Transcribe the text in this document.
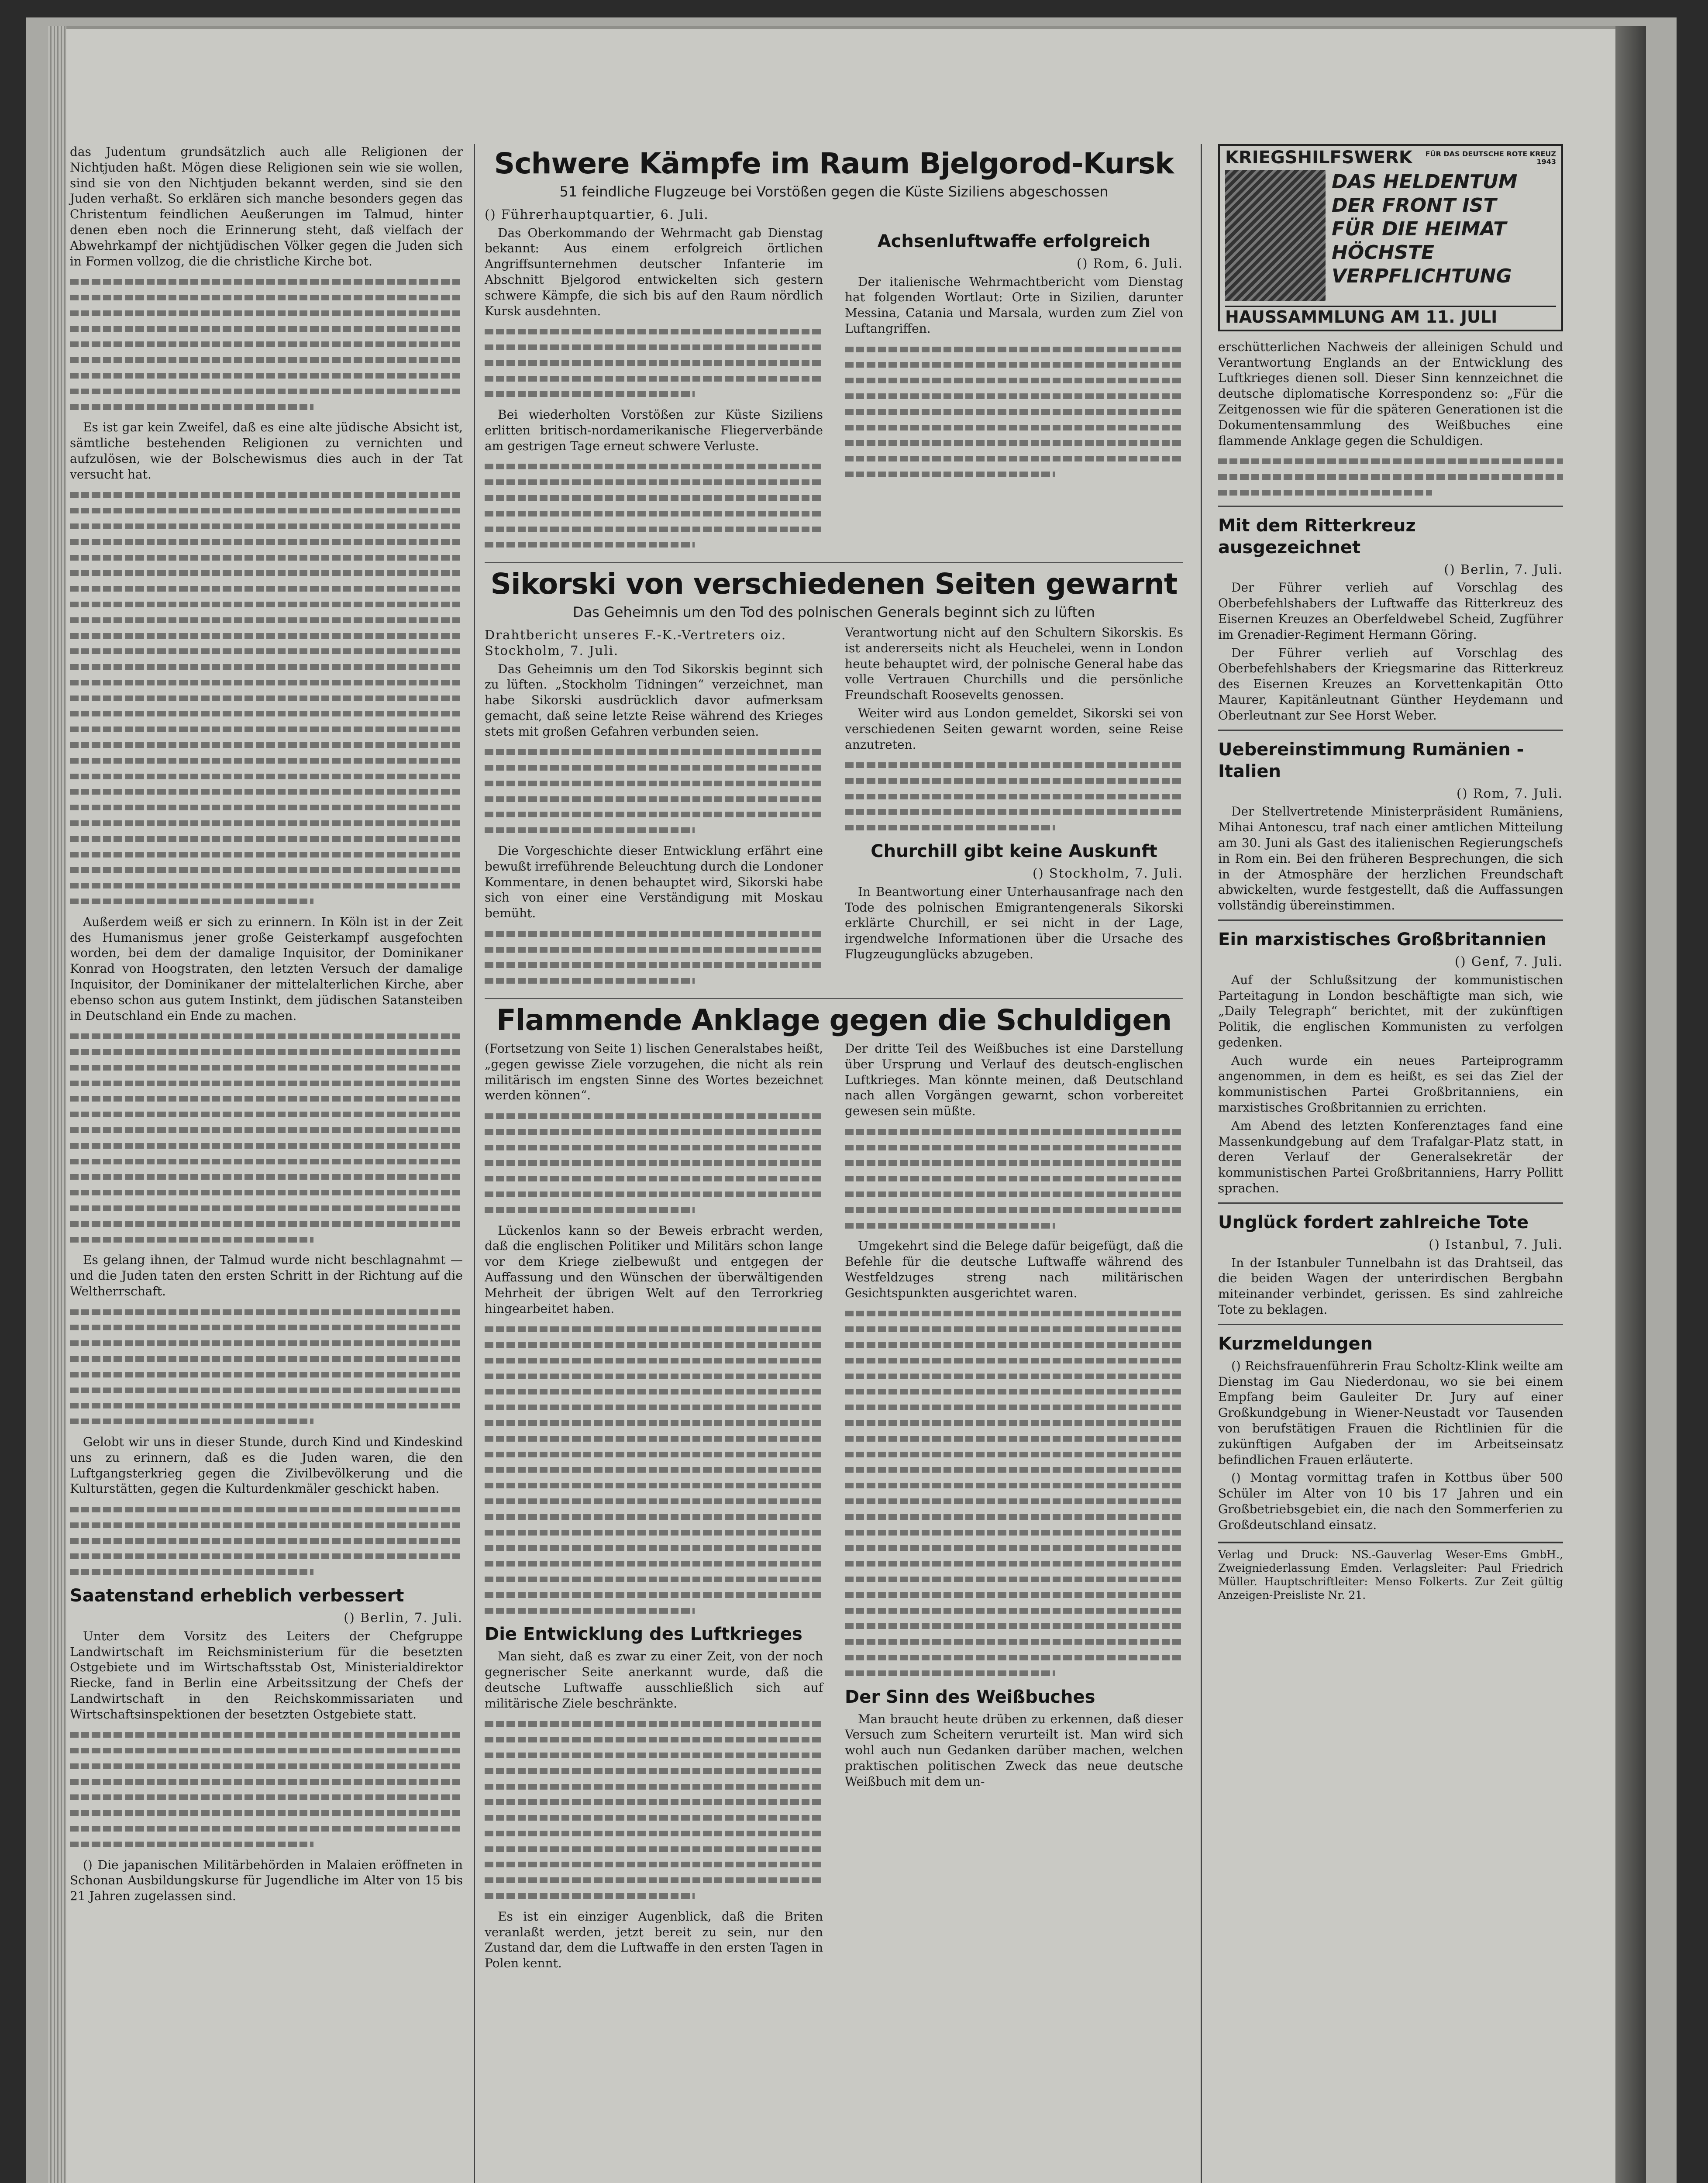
das Judentum grundsätzlich auch alle Religionen der Nichtjuden haßt. Mögen diese Religionen sein wie sie wollen, sind sie von den Nichtjuden bekannt werden, sind sie den Juden verhaßt. So erklären sich manche besonders gegen das Christentum feindlichen Aeußerungen im Talmud, hinter denen eben noch die Erinnerung steht, daß vielfach der Abwehrkampf der nichtjüdischen Völker gegen die Juden sich in Formen vollzog, die die christliche Kirche bot.

Es ist gar kein Zweifel, daß es eine alte jüdische Absicht ist, sämtliche bestehenden Religionen zu vernichten und aufzulösen, wie der Bolschewismus dies auch in der Tat versucht hat.

Außerdem weiß er sich zu erinnern. In Köln ist in der Zeit des Humanismus jener große Geisterkampf ausgefochten worden, bei dem der damalige Inquisitor, der Dominikaner Konrad von Hoogstraten, den letzten Versuch der damalige Inquisitor, der Dominikaner der mittelalterlichen Kirche, aber ebenso schon aus gutem Instinkt, dem jüdischen Satansteiben in Deutschland ein Ende zu machen.

Es gelang ihnen, der Talmud wurde nicht beschlagnahmt — und die Juden taten den ersten Schritt in der Richtung auf die Weltherrschaft.

Gelobt wir uns in dieser Stunde, durch Kind und Kindeskind uns zu erinnern, daß es die Juden waren, die den Luftgangsterkrieg gegen die Zivilbevölkerung und die Kulturstätten, gegen die Kulturdenkmäler geschickt haben.

Saatenstand erheblich verbessert
() Berlin, 7. Juli.

Unter dem Vorsitz des Leiters der Chefgruppe Landwirtschaft im Reichsministerium für die besetzten Ostgebiete und im Wirtschaftsstab Ost, Ministerialdirektor Riecke, fand in Berlin eine Arbeitssitzung der Chefs der Landwirtschaft in den Reichskommissariaten und Wirtschaftsinspektionen der besetzten Ostgebiete statt.

() Die japanischen Militärbehörden in Malaien eröffneten in Schonan Ausbildungskurse für Jugendliche im Alter von 15 bis 21 Jahren zugelassen sind.

Schwere Kämpfe im Raum Bjelgorod-Kursk
51 feindliche Flugzeuge bei Vorstößen gegen die Küste Siziliens abgeschossen
() Führerhauptquartier, 6. Juli.

Das Oberkommando der Wehrmacht gab Dienstag bekannt: Aus einem erfolgreich örtlichen Angriffsunternehmen deutscher Infanterie im Abschnitt Bjelgorod entwickelten sich gestern schwere Kämpfe, die sich bis auf den Raum nördlich Kursk ausdehnten.

Bei wiederholten Vorstößen zur Küste Siziliens erlitten britisch-nordamerikanische Fliegerverbände am gestrigen Tage erneut schwere Verluste.

Achsenluftwaffe erfolgreich
() Rom, 6. Juli.

Der italienische Wehrmachtbericht vom Dienstag hat folgenden Wortlaut: Orte in Sizilien, darunter Messina, Catania und Marsala, wurden zum Ziel von Luftangriffen.

Sikorski von verschiedenen Seiten gewarnt
Das Geheimnis um den Tod des polnischen Generals beginnt sich zu lüften
Drahtbericht unseres F.-K.-Vertreters oiz. Stockholm, 7. Juli.

Das Geheimnis um den Tod Sikorskis beginnt sich zu lüften. „Stockholm Tidningen“ verzeichnet, man habe Sikorski ausdrücklich davor aufmerksam gemacht, daß seine letzte Reise während des Krieges stets mit großen Gefahren verbunden seien.

Die Vorgeschichte dieser Entwicklung erfährt eine bewußt irreführende Beleuchtung durch die Londoner Kommentare, in denen behauptet wird, Sikorski habe sich von einer eine Verständigung mit Moskau bemüht.

Verantwortung nicht auf den Schultern Sikorskis. Es ist andererseits nicht als Heuchelei, wenn in London heute behauptet wird, der polnische General habe das volle Vertrauen Churchills und die persönliche Freundschaft Roosevelts genossen.

Weiter wird aus London gemeldet, Sikorski sei von verschiedenen Seiten gewarnt worden, seine Reise anzutreten.

Churchill gibt keine Auskunft
() Stockholm, 7. Juli.

In Beantwortung einer Unterhausanfrage nach den Tode des polnischen Emigrantengenerals Sikorski erklärte Churchill, er sei nicht in der Lage, irgendwelche Informationen über die Ursache des Flugzeugunglücks abzugeben.

Flammende Anklage gegen die Schuldigen

(Fortsetzung von Seite 1) lischen Generalstabes heißt, „gegen gewisse Ziele vorzugehen, die nicht als rein militärisch im engsten Sinne des Wortes bezeichnet werden können“.

Lückenlos kann so der Beweis erbracht werden, daß die englischen Politiker und Militärs schon lange vor dem Kriege zielbewußt und entgegen der Auffassung und den Wünschen der überwältigenden Mehrheit der übrigen Welt auf den Terrorkrieg hingearbeitet haben.

Die Entwicklung des Luftkrieges

Man sieht, daß es zwar zu einer Zeit, von der noch gegnerischer Seite anerkannt wurde, daß die deutsche Luftwaffe ausschließlich sich auf militärische Ziele beschränkte.

Es ist ein einziger Augenblick, daß die Briten veranlaßt werden, jetzt bereit zu sein, nur den Zustand dar, dem die Luftwaffe in den ersten Tagen in Polen kennt.

Der dritte Teil des Weißbuches ist eine Darstellung über Ursprung und Verlauf des deutsch-englischen Luftkrieges. Man könnte meinen, daß Deutschland nach allen Vorgängen gewarnt, schon vorbereitet gewesen sein müßte.

Umgekehrt sind die Belege dafür beigefügt, daß die Befehle für die deutsche Luftwaffe während des Westfeldzuges streng nach militärischen Gesichtspunkten ausgerichtet waren.

Der Sinn des Weißbuches

Man braucht heute drüben zu erkennen, daß dieser Versuch zum Scheitern verurteilt ist. Man wird sich wohl auch nun Gedanken darüber machen, welchen praktischen politischen Zweck das neue deutsche Weißbuch mit dem un-

KRIEGSHILFSWERK	FÜR DAS DEUTSCHE ROTE KREUZ 1943
DAS HELDENTUM
DER FRONT IST
FÜR DIE HEIMAT
HÖCHSTE
VERPFLICHTUNG
HAUSSAMMLUNG AM 11. JULI

erschütterlichen Nachweis der alleinigen Schuld und Verantwortung Englands an der Entwicklung des Luftkrieges dienen soll. Dieser Sinn kennzeichnet die deutsche diplomatische Korrespondenz so: „Für die Zeitgenossen wie für die späteren Generationen ist die Dokumentensammlung des Weißbuches eine flammende Anklage gegen die Schuldigen.

Mit dem Ritterkreuz ausgezeichnet
() Berlin, 7. Juli.

Der Führer verlieh auf Vorschlag des Oberbefehlshabers der Luftwaffe das Ritterkreuz des Eisernen Kreuzes an Oberfeldwebel Scheid, Zugführer im Grenadier-Regiment Hermann Göring.

Der Führer verlieh auf Vorschlag des Oberbefehlshabers der Kriegsmarine das Ritterkreuz des Eisernen Kreuzes an Korvettenkapitän Otto Maurer, Kapitänleutnant Günther Heydemann und Oberleutnant zur See Horst Weber.

Uebereinstimmung Rumänien - Italien
() Rom, 7. Juli.

Der Stellvertretende Ministerpräsident Rumäniens, Mihai Antonescu, traf nach einer amtlichen Mitteilung am 30. Juni als Gast des italienischen Regierungschefs in Rom ein. Bei den früheren Besprechungen, die sich in der Atmosphäre der herzlichen Freundschaft abwickelten, wurde festgestellt, daß die Auffassungen vollständig übereinstimmen.

Ein marxistisches Großbritannien
() Genf, 7. Juli.

Auf der Schlußsitzung der kommunistischen Parteitagung in London beschäftigte man sich, wie „Daily Telegraph“ berichtet, mit der zukünftigen Politik, die englischen Kommunisten zu verfolgen gedenken.

Auch wurde ein neues Parteiprogramm angenommen, in dem es heißt, es sei das Ziel der kommunistischen Partei Großbritanniens, ein marxistisches Großbritannien zu errichten.

Am Abend des letzten Konferenztages fand eine Massenkundgebung auf dem Trafalgar-Platz statt, in deren Verlauf der Generalsekretär der kommunistischen Partei Großbritanniens, Harry Pollitt sprachen.

Unglück fordert zahlreiche Tote
() Istanbul, 7. Juli.

In der Istanbuler Tunnelbahn ist das Drahtseil, das die beiden Wagen der unterirdischen Bergbahn miteinander verbindet, gerissen. Es sind zahlreiche Tote zu beklagen.

Kurzmeldungen

() Reichsfrauenführerin Frau Scholtz-Klink weilte am Dienstag im Gau Niederdonau, wo sie bei einem Empfang beim Gauleiter Dr. Jury auf einer Großkundgebung in Wiener-Neustadt vor Tausenden von berufstätigen Frauen die Richtlinien für die zukünftigen Aufgaben der im Arbeitseinsatz befindlichen Frauen erläuterte.

() Montag vormittag trafen in Kottbus über 500 Schüler im Alter von 10 bis 17 Jahren und ein Großbetriebsgebiet ein, die nach den Sommerferien zu Großdeutschland einsatz.

Verlag und Druck: NS.-Gauverlag Weser-Ems GmbH., Zweigniederlassung Emden. Verlagsleiter: Paul Friedrich Müller. Hauptschriftleiter: Menso Folkerts. Zur Zeit gültig Anzeigen-Preisliste Nr. 21.
